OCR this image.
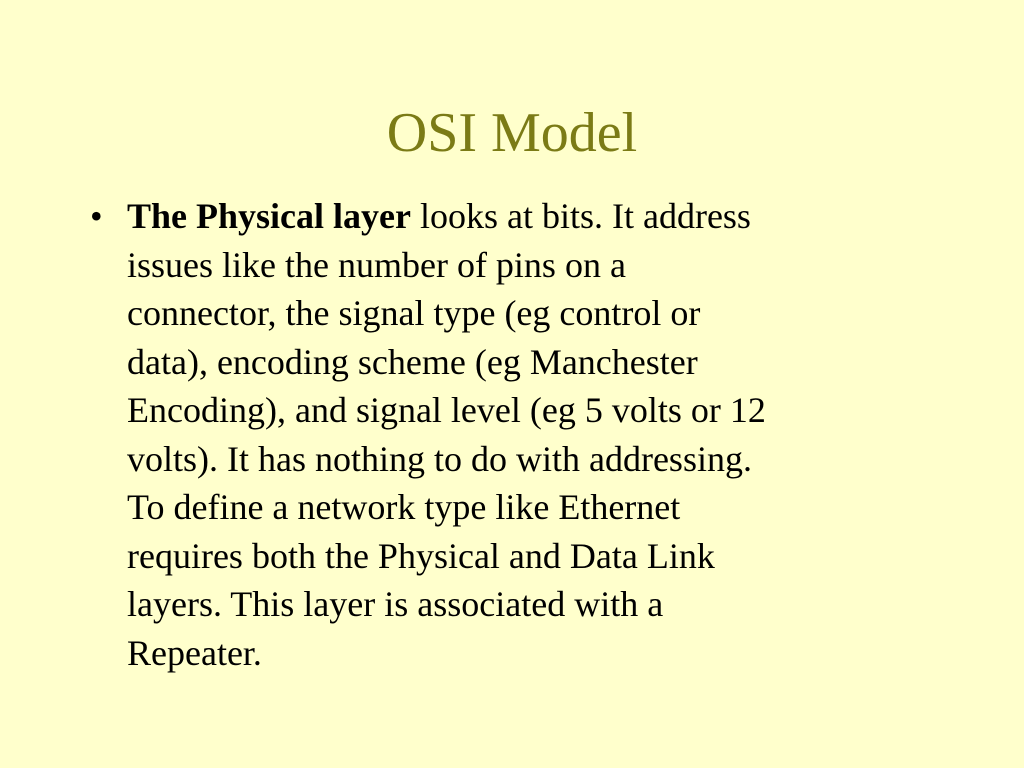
OSI Model
• The Physical layer looks at bits. It address
issues like the number of pins on a
connector, the signal type (eg control or
data), encoding scheme (eg Manchester
Encoding), and signal level (eg 5 volts or 12
volts). It has nothing to do with addressing.
To define a network type like Ethernet
requires both the Physical and Data Link
layers. This layer is associated with a
Repeater.
